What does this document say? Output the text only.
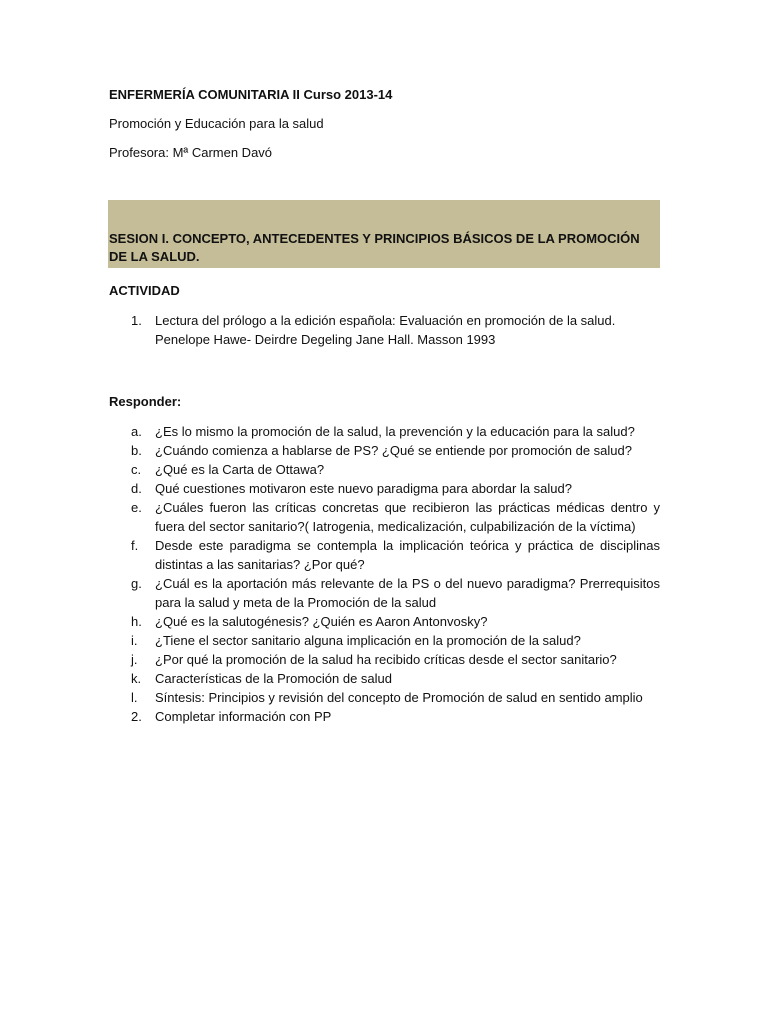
ENFERMERÍA COMUNITARIA II Curso 2013-14
Promoción y Educación para la salud
Profesora: Mª Carmen Davó
SESION I. CONCEPTO, ANTECEDENTES Y PRINCIPIOS BÁSICOS DE LA PROMOCIÓN DE LA SALUD.
ACTIVIDAD
1. Lectura del prólogo a la edición española: Evaluación en promoción de la salud. Penelope Hawe- Deirdre Degeling Jane Hall. Masson 1993
Responder:
a. ¿Es lo mismo la promoción de la salud, la prevención y la educación para la salud?
b. ¿Cuándo comienza a hablarse de PS? ¿Qué se entiende por promoción de salud?
c. ¿Qué es la Carta de Ottawa?
d. Qué cuestiones motivaron este nuevo paradigma para abordar la salud?
e. ¿Cuáles fueron las críticas concretas que recibieron las prácticas médicas dentro y fuera del sector sanitario?( Iatrogenia, medicalización, culpabilización de la víctima)
f. Desde este paradigma se contempla la implicación teórica y práctica de disciplinas distintas a las sanitarias? ¿Por qué?
g. ¿Cuál es la aportación más relevante de la PS o del nuevo paradigma? Prerrequisitos para la salud y meta de la Promoción de la salud
h. ¿Qué es la salutogénesis? ¿Quién es Aaron Antonvosky?
i. ¿Tiene el sector sanitario alguna implicación en la promoción de la salud?
j. ¿Por qué la promoción de la salud ha recibido críticas desde el sector sanitario?
k. Características de la Promoción de salud
l. Síntesis: Principios y revisión del concepto de Promoción de salud en sentido amplio
2. Completar información con PP
